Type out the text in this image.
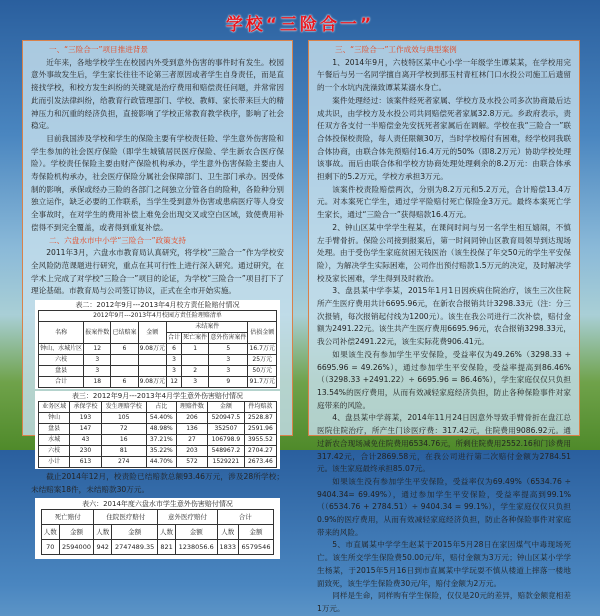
学校“三险合一”
一、“三险合一”项目推进背景
近年来，各地学校学生在校园内外受到意外伤害的事件时有发生。校园意外事故发生后，学生家长往往不论第三者原因或者学生自身责任，而是直接找学校，和校方发生纠纷的关键就是治疗费用和赔偿责任问题，并常常因此而引发法律纠纷，给教育行政管理部门、学校、教师、家长带来巨大的精神压力和沉重的经济负担，直接影响了学校正常教育教学秩序，影响了社会稳定。
目前我国涉及学校和学生的保险主要有学校责任险、学生意外伤害险和学生参加的社会医疗保险（即学生城镇居民医疗保险、学生新农合医疗保险）。学校责任保险主要由财产保险机构承办，学生意外伤害保险主要由人寿保险机构承办，社会医疗保险分属社会保障部门、卫生部门承办。因受体制的影响，承保或经办三险的各部门之间独立分管各自的险种，各险种分别独立运作，缺乏必要的工作联系，当学生受到意外伤害或患病医疗等人身安全事故时，在对学生的费用补偿上难免会出现交叉或空白区域，致使费用补偿得不到完全覆盖，或者得到重复补偿。
二、六盘水市中小学“三险合一”政策支持
2011年3月，六盘水市教育局认真研究，将学校“三险合一”作为学校安全风险防范课题进行研究，重点在其可行性上进行深入研究。通过研究，在学术上完成了对学校“三险合一”项目的论证，为学校“三险合一”项目打下了理论基础。市教育局与公司签订协议，正式在全市开始实施。
表二：2012年9月---2013年4月校方责任险赔付情况
2012年9月---2013年4月校园方责任险理赔清单							
名称	报案件数	已结赔案	金额	未结案件			估损金额
				合计	死亡案件	意外伤害案件	
钟山、水城片区	12	6	9.08万元	6	1	5	16.7万元
六枝	3			3		3	25万元
盘县	3			3	2	3	50万元
合计	18	6	9.08万元	12	3	9	91.7万元
表三：2012年9月---2013年4月学生意外伤害赔付情况
业务区域	承保学校	发生理赔学校	占比	理赔件数	金额	件均赔款
钟山	193	105	54.40%	206	520947.5	2528.87
盘县	147	72	48.98%	136	352507	2591.96
水城	43	16	37.21%	27	106798.9	3955.52
六枝	230	81	35.22%	203	548967.2	2704.27
小计	613	274	44.70%	572	1529221	2673.46
截止2014年12月，校责险已结赔款总额93.46万元，涉及28所学校；未结赔案18件，未结赔款30万元。
表六：2014年度六盘水市学生意外伤害赔付情况
死亡赔付		住院医疗赔付		意外医疗赔付		合计	
人数	金额	人数	金额	人数	金额	人数	金额
70	2594000	942	2747489.35	821	1238056.6	1833	6579546
三、“三险合一”工作成效与典型案例
1、2014年9月，六枝特区某中心小学一年级学生谭某某，在学校用完午餐后与另一名同学擅自离开学校到那玉村青杠林门口水投公司施工后遗留的一个水坑内洗澡致谭某某溺水身亡。
案件处理经过：该案件经死者家属、学校方及水投公司多次协商最后达成共识，由学校方及水投公司共同赔偿死者家属32.8万元。乡政府表示，责任双方各支付一半赔偿金先安抚死者家属后在调解。学校在我“三险合一”联合体投保校责险，每人责任限额30万，当时学校赔付有困难，经学校同我联合体协商，由联合体先预赔付16.4万元的50%（即8.2万元）协助学校处理该事故。而后由联合体和学校方协商处理处理剩余的8.2万元：由联合体承担剩下的5.2万元，学校方承担3万元。
该案件校责险赔偿两次，分别为8.2万元和5.2万元，合计赔偿13.4万元。对本案死亡学生，通过学平险赔付死亡保险金3万元。最终本案死亡学生家长，通过“三险合一”获得赔款16.4万元。
2、钟山区某中学学生程某，在课间时间与另一名学生相互嬉闹，不慎左手臂骨折。保险公司接到报案后，第一时间同钟山区教育局领导到达现场处理。由于受伤学生家庭贫困无钱医治（该生投保了年交50元的学生平安保险），为解决学生实际困难，公司作出预付赔款1.5万元的决定，及时解决学校及家长困难，学生得到及时救治。
3、盘县某中学李某，2015年1月1日因疾病住院治疗，该生三次住院所产生医疗费用共计6695.96元，在新农合报销共计3298.33元（注：分三次报销，每次报销起付线为1200元）。该生在我公司进行二次补偿，赔付金额为2491.22元。该生共产生医疗费用6695.96元，农合报销3298.33元，我公司补偿2491.22元，该生实际花费906.41元。
如果该生没有参加学生平安保险，受益率仅为49.26%（3298.33 ÷ 6695.96 = 49.26%），通过参加学生平安保险，受益率提高到86.46%（（3298.33 +2491.22）÷ 6695.96 = 86.46%），学生家庭仅仅只负担13.54%的医疗费用，从而有效减轻家庭经济负担，防止各种保险事件对家庭带来的风险。
4、盘县某中学蒋某，2014年11月24日因意外导致手臂骨折在盘江总医院住院治疗，所产生门诊医疗费：317.42元，住院费用9086.92元。通过新农合现场减免住院费用6534.76元，所剩住院费用2552.16和门诊费用317.42元，合计2869.58元，在我公司进行第二次赔付金额为2784.51元。该生家庭最终承担85.07元。
如果该生没有参加学生平安保险，受益率仅为69.49%（6534.76 ÷ 9404.34= 69.49%），通过参加学生平安保险，受益率提高到99.1%（（6534.76 + 2784.51）÷ 9404.34 = 99.1%），学生家庭仅仅只负担0.9%的医疗费用，从而有效减轻家庭经济负担，防止各种保险事件对家庭带来的风险。
5、市直属某中学学生赵某于2015年5月28日在家因煤气中毒现场死亡。该生所交学生保险费50.00元/年，赔付金额为3万元；钟山区某小学学生杨某，于2015年5月16日到市直属某中学玩耍不慎从楼道上摔落一楼地面致死，该生学生保险费30元/年，赔付金额为2万元。
同样是生命，同样购有学生保险，仅仅是20元的差异，赔款金额竟相差1万元。
